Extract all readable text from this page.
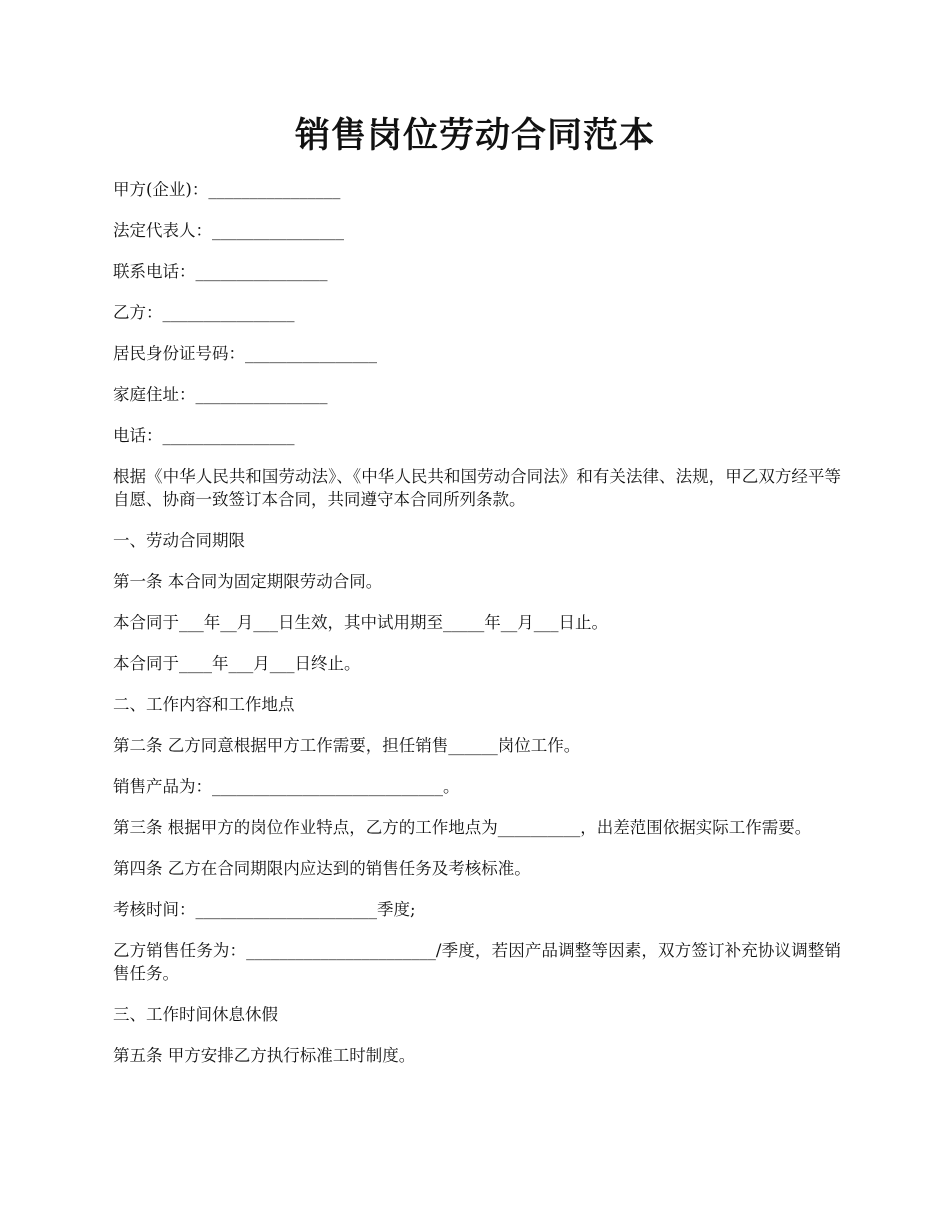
销售岗位劳动合同范本

甲方(企业)：________________

法定代表人：________________

联系电话：________________

乙方：________________

居民身份证号码：________________

家庭住址：________________

电话：________________

根据《中华人民共和国劳动法》、《中华人民共和国劳动合同法》和有关法律、法规，甲乙双方经平等自愿、协商一致签订本合同，共同遵守本合同所列条款。

一、劳动合同期限

第一条 本合同为固定期限劳动合同。

本合同于___年__月___日生效，其中试用期至_____年__月___日止。

本合同于____年___月___日终止。

二、工作内容和工作地点

第二条 乙方同意根据甲方工作需要，担任销售______岗位工作。

销售产品为：____________________________。

第三条 根据甲方的岗位作业特点，乙方的工作地点为__________，出差范围依据实际工作需要。

第四条 乙方在合同期限内应达到的销售任务及考核标准。

考核时间：______________________季度;

乙方销售任务为：_______________________/季度，若因产品调整等因素，双方签订补充协议调整销售任务。

三、工作时间休息休假

第五条 甲方安排乙方执行标准工时制度。
